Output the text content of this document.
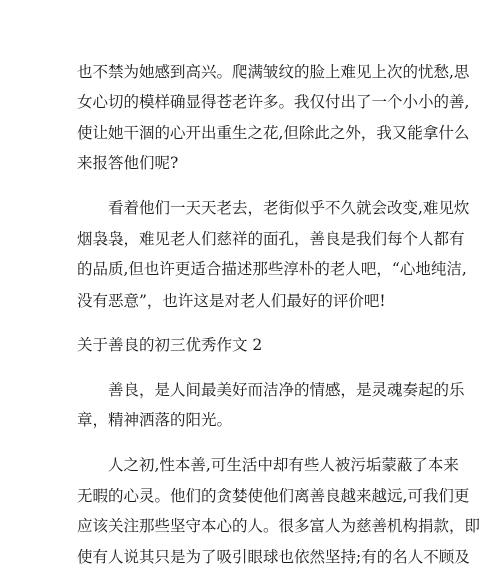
也不禁为她感到高兴。爬满皱纹的脸上难见上次的忧愁,思
女心切的模样确显得苍老许多。我仅付出了一个小小的善,
使让她干涸的心开出重生之花,但除此之外，我又能拿什么
来报答他们呢?
看着他们一天天老去，老街似乎不久就会改变,难见炊
烟袅袅，难见老人们慈祥的面孔，善良是我们每个人都有
的品质,但也许更适合描述那些淳朴的老人吧，“心地纯洁,
没有恶意”，也许这是对老人们最好的评价吧!
关于善良的初三优秀作文 2
善良，是人间最美好而洁净的情感，是灵魂奏起的乐
章，精神洒落的阳光。
人之初,性本善,可生活中却有些人被污垢蒙蔽了本来
无暇的心灵。他们的贪婪使他们离善良越来越远,可我们更
应该关注那些坚守本心的人。很多富人为慈善机构捐款，即
使有人说其只是为了吸引眼球也依然坚持;有的名人不顾及
